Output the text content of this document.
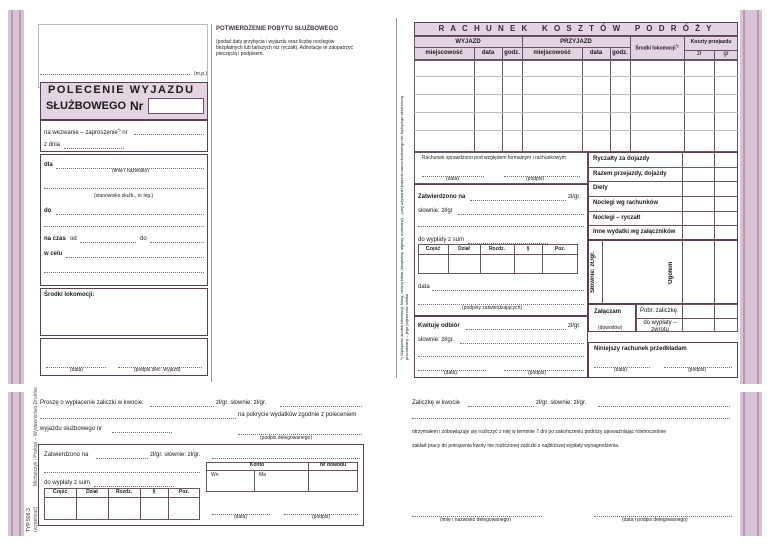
(m.p.)
POTWIERDZENIE POBYTU SŁUŻBOWEGO
(podać daty przybycia i wyjazdu oraz liczbę noclegów bezpłatnych lub tańszych niż ryczałt). Adnotacje te zaopatrzyć pieczęcią i podpisem.
POLECENIE WYJAZDU
SŁUŻBOWEGO Nr
na wezwanie – zaproszenie*) nr
z dnia
dla
(imię i nazwisko)
(stanowisko służb., nr leg.)
do
na czas od	do
w celu
Środki lokomocji:
(data)	(podpis zlec. wyjazd)
R A C H U N E K   K O S Z T Ó W   P O D R Ó Ż Y
WYJAZD	PRZYJAZD
Środki lokomocji*)
Koszty przejazdu
miejscowość	data	godz.	miejscowość	data	godz.	zł	gr
*) Wpisywać środek lokomocji, klasę, rodzaj biletu (bezpłatny, ulgowy, normalny) – przy używaniu pojazdu samochodowego nie będącego własnością pracodawcy – jego pojemność silnika
Rachunek sprawdzono pod względem formalnym i rachunkowym
(data)	(podpis)
Zatwierdzono na	zł/gr.
słownie: zł/gr
do wypłaty z sum
Część	Dział	Rozdz.	§	Poz.
data
(podpisy zatwierdzających)
Kwituję odbiór	zł/gr.
słownie: zł/gr.
(data)	(podpis)
Ryczałty za dojazdy
Razem przejazdy, dojazdy
Diety
Noclegi wg rachunków
Noclegi – ryczałt
Inne wydatki wg załączników
Słownie: zł./gr.	Ogółem
Załączam
(dowodów)
Pobr. zaliczkę
do wypłaty – zwrotu
Niniejszy rachunek przedkładam
(data)	(podpis)
TYP 506-3
Michalczyk i Prokop – Wydawnictwo Druków
(wypełniać)
Proszę o wypłacenie zaliczki w kwocie:	zł/gr. słownie: zł/gr.
na pokrycie wydatków zgodnie z poleceniem
wyjazdu służbowego nr
(podpis delegowanego)
Zatwierdzono na	zł/gr. słownie: zł/gr.
do wypłaty z sum
Konto	Nr dowodu
Wn	Ma
Część	Dział	Rozdz.	§	Poz.
(data)	(podpis)
Zaliczkę w kwocie	zł/gr. słownie: zł/gr.
otrzymałem i zobowiązuję się rozliczyć z niej w terminie 7 dni po zakończeniu podróży upoważniając równocześnie
zakład pracy do potrącenia kwoty nie rozliczonej zaliczki z najbliższej wypłaty wynagrodzenia.
(imię i nazwisko delegowanego)	(data i podpis delegowanego)
